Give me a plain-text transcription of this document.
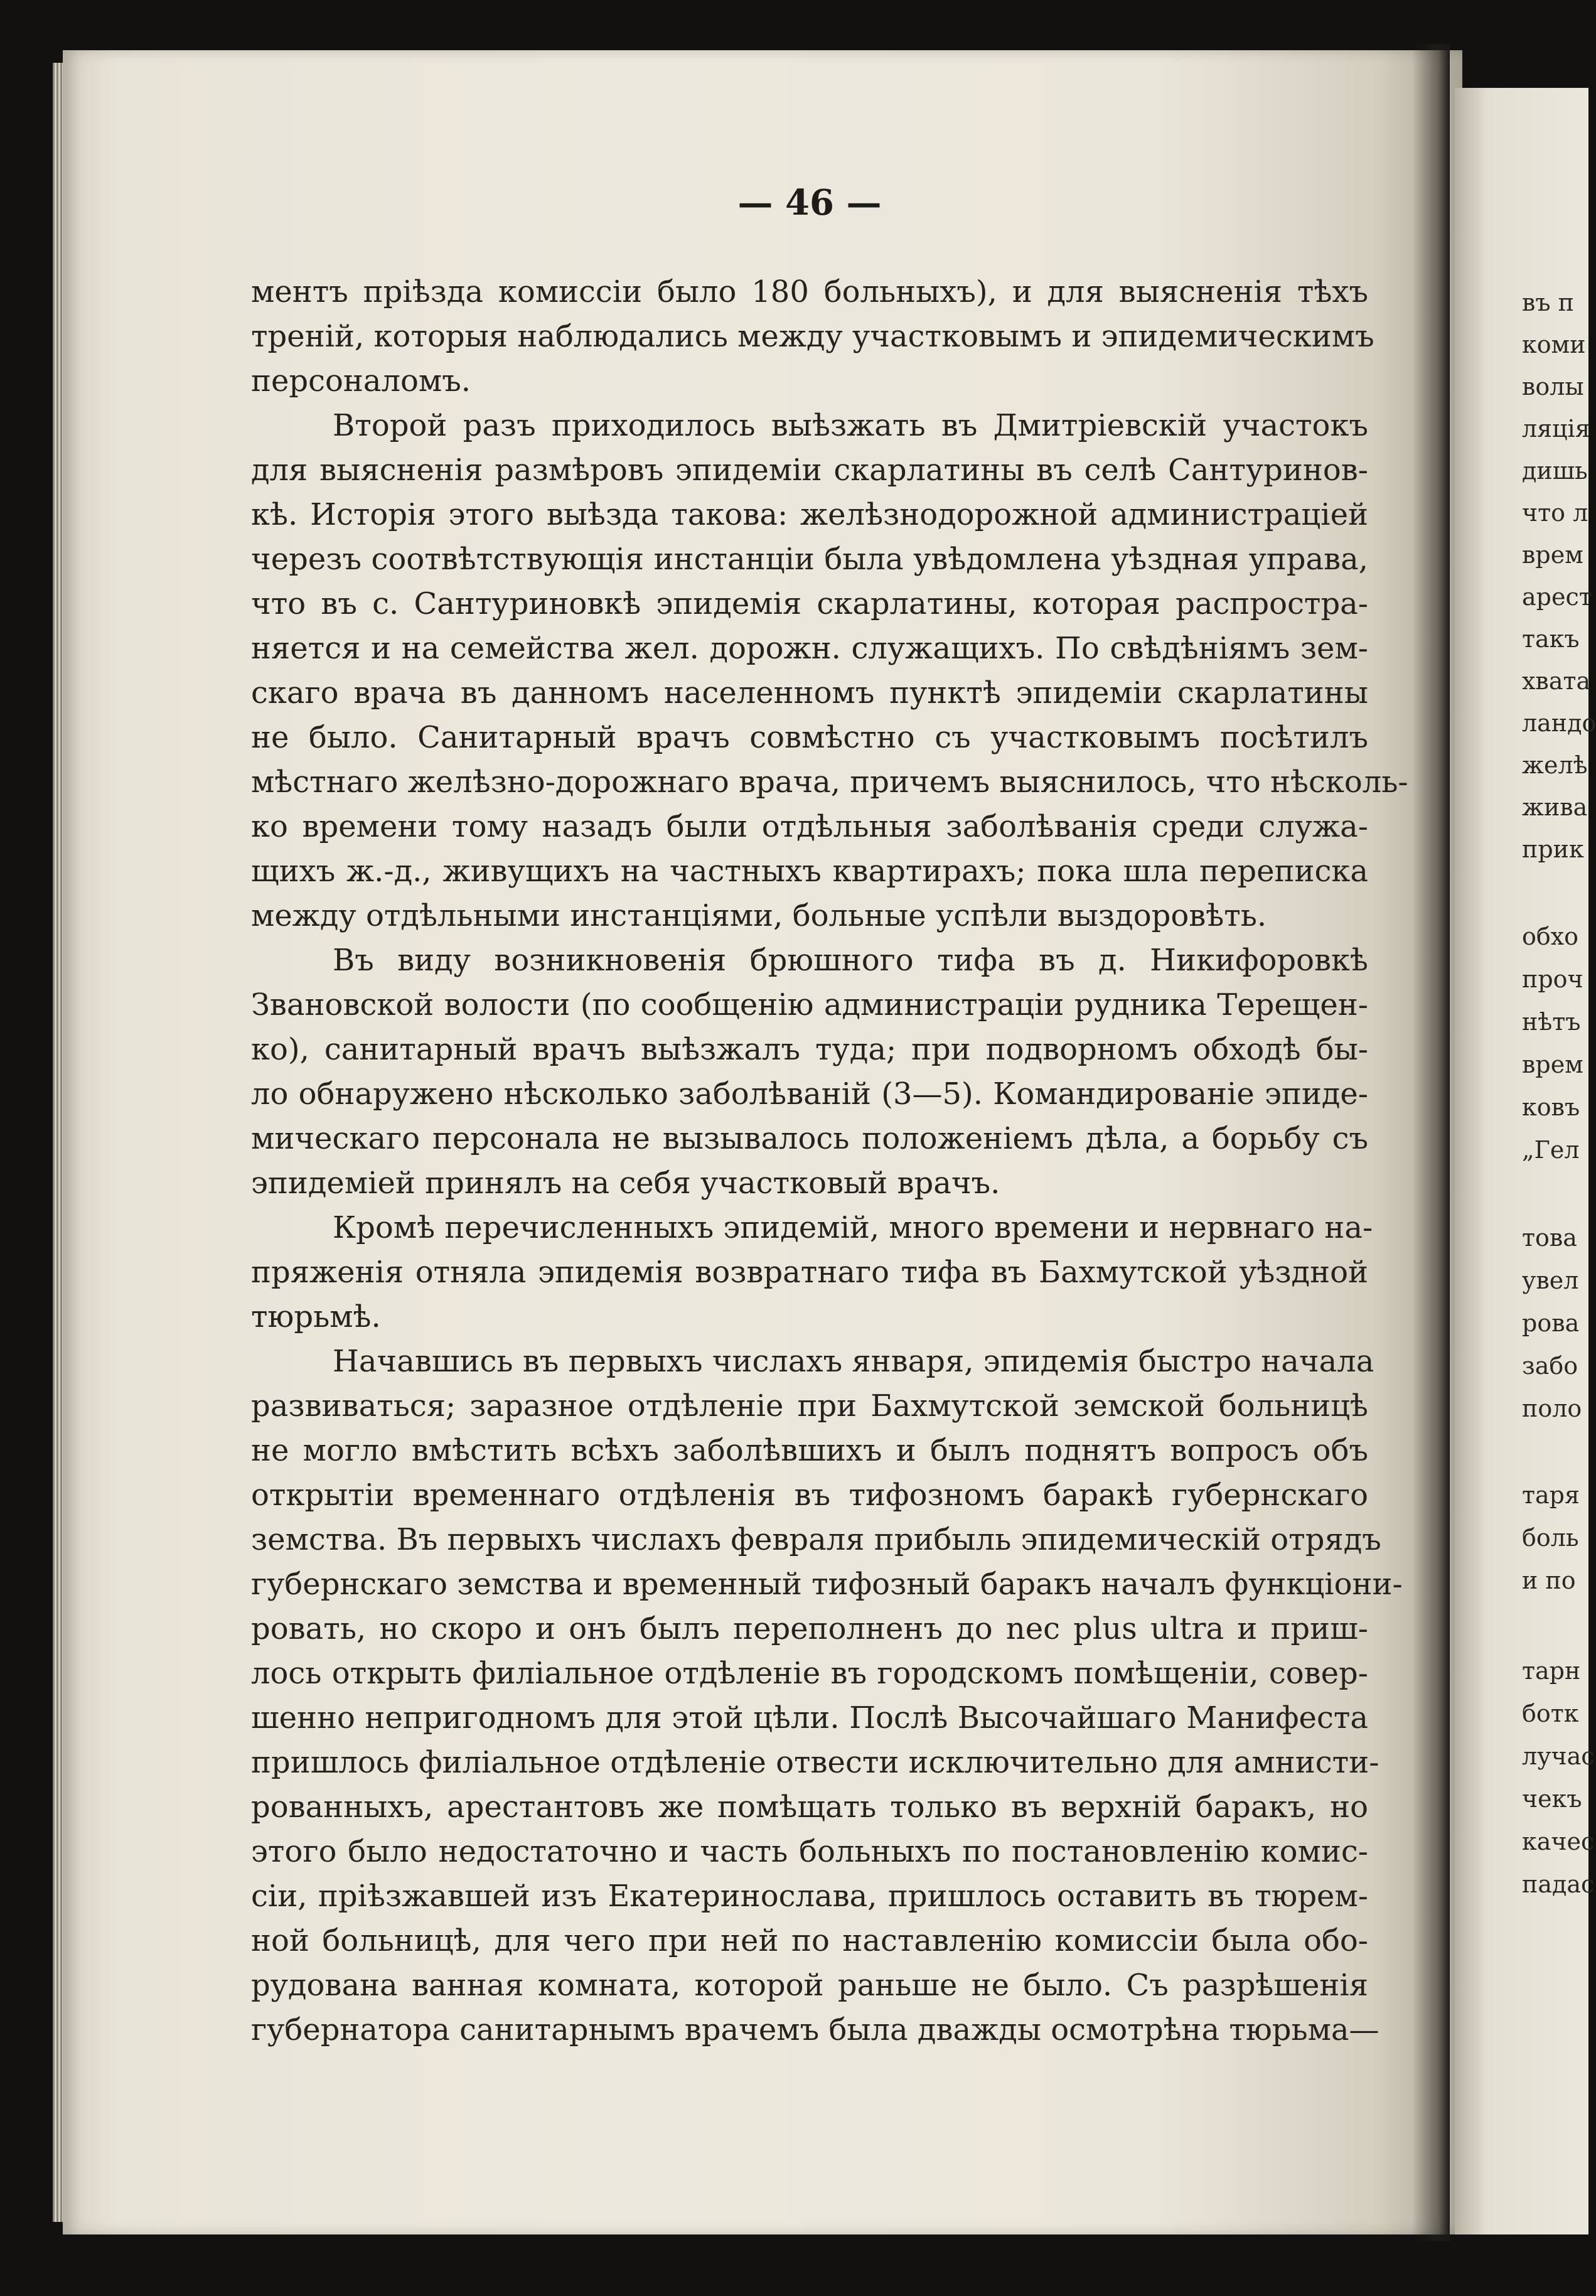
— 46 —
ментъ пріѣзда комиссіи было 180 больныхъ), и для выясненія тѣхъ
треній, которыя наблюдались между участковымъ и эпидемическимъ
персоналомъ.
Второй разъ приходилось выѣзжать въ Дмитріевскій участокъ
для выясненія размѣровъ эпидеміи скарлатины въ селѣ Сантуринов-
кѣ. Исторія этого выѣзда такова: желѣзнодорожной администраціей
черезъ соотвѣтствующія инстанціи была увѣдомлена уѣздная управа,
что въ с. Сантуриновкѣ эпидемія скарлатины, которая распростра-
няется и на семейства жел. дорожн. служащихъ. По свѣдѣніямъ зем-
скаго врача въ данномъ населенномъ пунктѣ эпидеміи скарлатины
не было. Санитарный врачъ совмѣстно съ участковымъ посѣтилъ
мѣстнаго желѣзно-дорожнаго врача, причемъ выяснилось, что нѣсколь-
ко времени тому назадъ были отдѣльныя заболѣванія среди служа-
щихъ ж.-д., живущихъ на частныхъ квартирахъ; пока шла переписка
между отдѣльными инстанціями, больные успѣли выздоровѣть.
Въ виду возникновенія брюшного тифа въ д. Никифоровкѣ
Звановской волости (по сообщенію администраціи рудника Терещен-
ко), санитарный врачъ выѣзжалъ туда; при подворномъ обходѣ бы-
ло обнаружено нѣсколько заболѣваній (3—5). Командированіе эпиде-
мическаго персонала не вызывалось положеніемъ дѣла, а борьбу съ
эпидеміей принялъ на себя участковый врачъ.
Кромѣ перечисленныхъ эпидемій, много времени и нервнаго на-
пряженія отняла эпидемія возвратнаго тифа въ Бахмутской уѣздной
тюрьмѣ.
Начавшись въ первыхъ числахъ января, эпидемія быстро начала
развиваться; заразное отдѣленіе при Бахмутской земской больницѣ
не могло вмѣстить всѣхъ заболѣвшихъ и былъ поднятъ вопросъ объ
открытіи временнаго отдѣленія въ тифозномъ баракѣ губернскаго
земства. Въ первыхъ числахъ февраля прибыль эпидемическій отрядъ
губернскаго земства и временный тифозный баракъ началъ функціони-
ровать, но скоро и онъ былъ переполненъ до nec plus ultra и приш-
лось открыть филіальное отдѣленіе въ городскомъ помѣщеніи, совер-
шенно непригодномъ для этой цѣли. Послѣ Высочайшаго Манифеста
пришлось филіальное отдѣленіе отвести исключительно для амнисти-
рованныхъ, арестантовъ же помѣщать только въ верхній баракъ, но
этого было недостаточно и часть больныхъ по постановленію комис-
сіи, пріѣзжавшей изъ Екатеринослава, пришлось оставить въ тюрем-
ной больницѣ, для чего при ней по наставленію комиссіи была обо-
рудована ванная комната, которой раньше не было. Съ разрѣшенія
губернатора санитарнымъ врачемъ была дважды осмотрѣна тюрьма—
въ п
коми
волы
ляція
дишь
что л
врем
арест
такъ
хвата
ландо
желѣ
жива
прик
обхо
проч
нѣтъ
врем
ковъ
„Гел
това
увел
рова
забо
поло
таря
боль
и по
тарн
ботк
лучас
чекъ
качес
падас
